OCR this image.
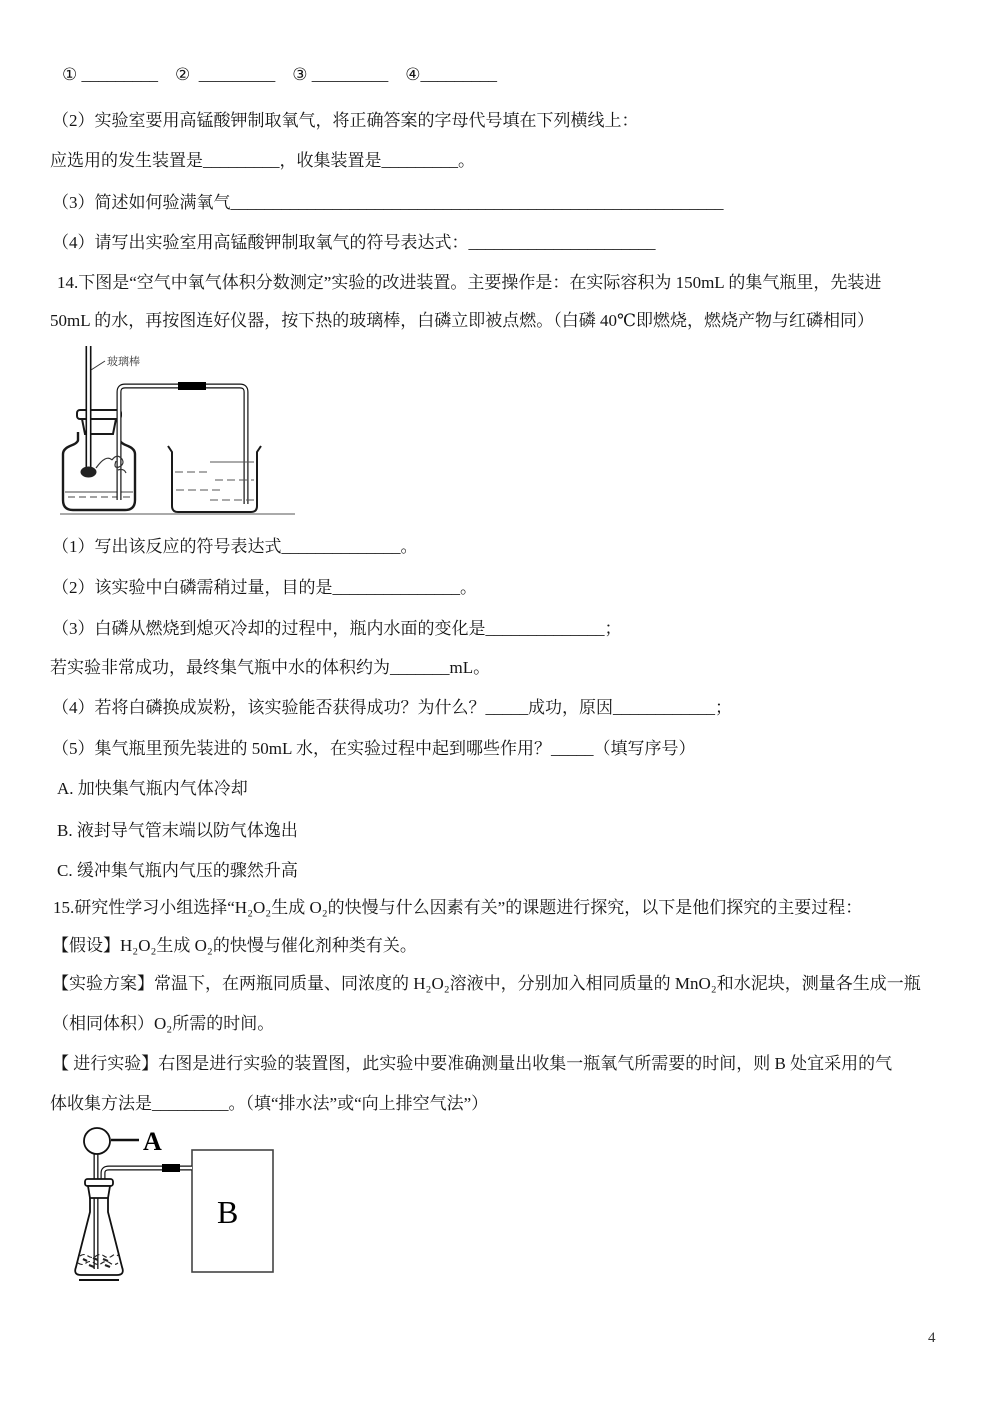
① _________　②  _________　③ _________　④_________
（2）实验室要用高锰酸钾制取氧气，将正确答案的字母代号填在下列横线上：
应选用的发生装置是_________，收集装置是_________。
（3）简述如何验满氧气__________________________________________________________
（4）请写出实验室用高锰酸钾制取氧气的符号表达式：______________________
14.下图是“空气中氧气体积分数测定”实验的改进装置。主要操作是：在实际容积为 150mL 的集气瓶里，先装进
50mL 的水，再按图连好仪器，按下热的玻璃棒，白磷立即被点燃。（白磷 40℃即燃烧，燃烧产物与红磷相同）
玻璃棒
（1）写出该反应的符号表达式______________。
（2）该实验中白磷需稍过量，目的是_______________。
（3）白磷从燃烧到熄灭冷却的过程中，瓶内水面的变化是______________；
若实验非常成功，最终集气瓶中水的体积约为_______mL。
（4）若将白磷换成炭粉，该实验能否获得成功？为什么？_____成功，原因____________；
（5）集气瓶里预先装进的 50mL 水，在实验过程中起到哪些作用？_____（填写序号）
A. 加快集气瓶内气体冷却
B. 液封导气管末端以防气体逸出
C. 缓冲集气瓶内气压的骤然升高
15.研究性学习小组选择“H₂O₂生成 O₂的快慢与什么因素有关”的课题进行探究，以下是他们探究的主要过程：
【假设】H₂O₂生成 O₂的快慢与催化剂种类有关。
【实验方案】常温下，在两瓶同质量、同浓度的 H₂O₂溶液中，分别加入相同质量的 MnO₂和水泥块，测量各生成一瓶
（相同体积）O₂所需的时间。
【 进行实验】右图是进行实验的装置图，此实验中要准确测量出收集一瓶氧气所需要的时间，则 B 处宜采用的气
体收集方法是_________。（填“排水法”或“向上排空气法”）
B
A
4
